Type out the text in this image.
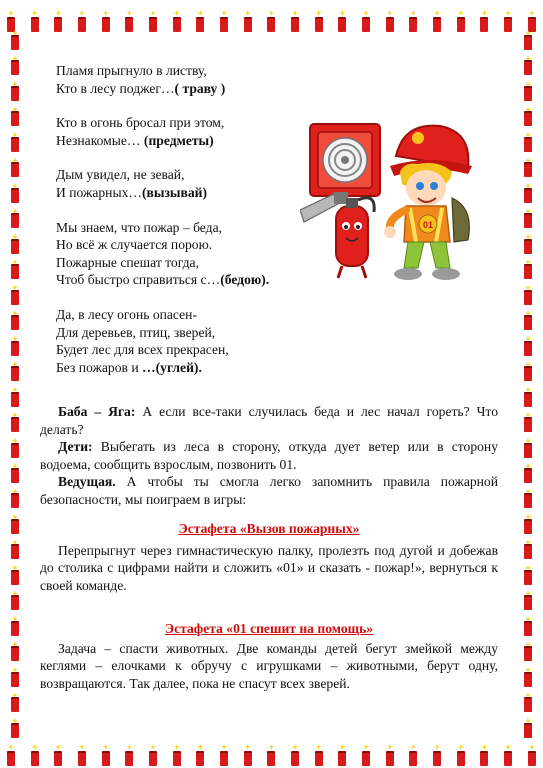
Пламя прыгнуло в листву,
Кто в лесу поджег…( траву )
Кто в огонь бросал при этом,
Незнакомые… (предметы)
Дым увидел, не зевай,
И пожарных…(вызывай)
Мы знаем, что пожар – беда,
Но всё ж случается порою.
Пожарные спешат тогда,
Чтоб быстро справиться с…(бедою).
Да, в лесу огонь опасен-
Для деревьев, птиц, зверей,
Будет лес для всех прекрасен,
Без пожаров и …(углей).
01

Баба – Яга: А если все-таки случилась беда и лес начал гореть? Что делать?

Дети: Выбегать из леса в сторону, откуда дует ветер или в сторону водоема, сообщить взрослым, позвонить 01.

Ведущая. А чтобы ты смогла легко запомнить правила пожарной безопасности, мы поиграем в игры:

Эстафета «Вызов пожарных»

Перепрыгнут через гимнастическую палку, пролезть под дугой и добежав до столика с цифрами найти и сложить «01» и сказать - пожар!», вернуться к своей команде.

Эстафета «01 спешит на помощь»

Задача – спасти животных. Две команды детей бегут змейкой между кеглями – елочками к обручу с игрушками – животными, берут одну, возвращаются. Так далее, пока не спасут всех зверей.
